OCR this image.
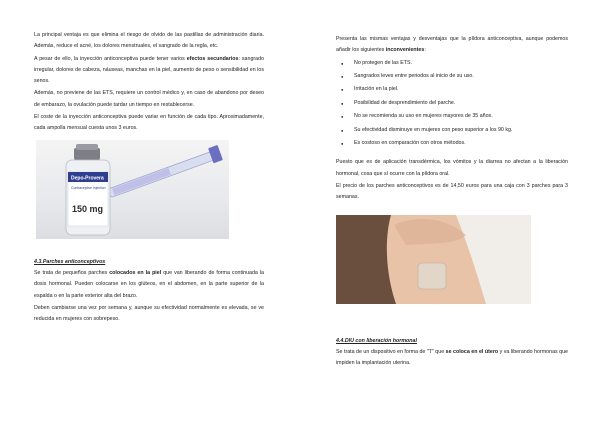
La principal ventaja es que elimina el riesgo de olvido de las pastillas de administración diaria. Además, reduce el acné, los dolores menstruales, el sangrado de la regla, etc.

A pesar de ello, la inyección anticonceptiva puede tener varios efectos secundarios: sangrado irregular, dolores de cabeza, náuseas, manchas en la piel, aumento de peso o sensibilidad en los senos.

Además, no previene de las ETS, requiere un control médico y, en caso de abandono por deseo de embarazo, la ovulación puede tardar un tiempo en restablecerse.

El coste de la inyección anticonceptiva puede variar en función de cada tipo. Aproximadamente, cada ampolla mensual cuesta unos 3 euros.

Depo-Provera
Contraceptive Injection
150 mg

4.3.Parches anticonceptivos

Se trata de pequeños parches colocados en la piel que van liberando de forma continuada la dosis hormonal. Pueden colocarse en los glúteos, en el abdomen, en la parte superior de la espalda o en la parte exterior alta del brazo.

Deben cambiarse una vez por semana y, aunque su efectividad normalmente es elevada, se ve reducida en mujeres con sobrepeso.

Presenta las mismas ventajas y desventajas que la píldora anticonceptiva, aunque podemos añadir los siguientes inconvenientes:

● No protegen de las ETS.
● Sangrados leves entre periodos al inicio de su uso.
● Irritación en la piel.
● Posibilidad de desprendimiento del parche.
● No se recomienda su uso en mujeres mayores de 35 años.
● Su efectividad disminuye en mujeres con peso superior a los 90 kg.
● Es costoso en comparación con otros métodos.

Puesto que es de aplicación transdérmica, los vómitos y la diarrea no afectan a la liberación hormonal, cosa que sí ocurre con la píldora oral.

El precio de los parches anticonceptivos es de 14,50 euros para una caja con 3 parches para 3 semanas.

4.4.DIU con liberación hormonal

Se trata de un dispositivo en forma de "T" que se coloca en el útero y va liberando hormonas que impiden la implantación uterina.
